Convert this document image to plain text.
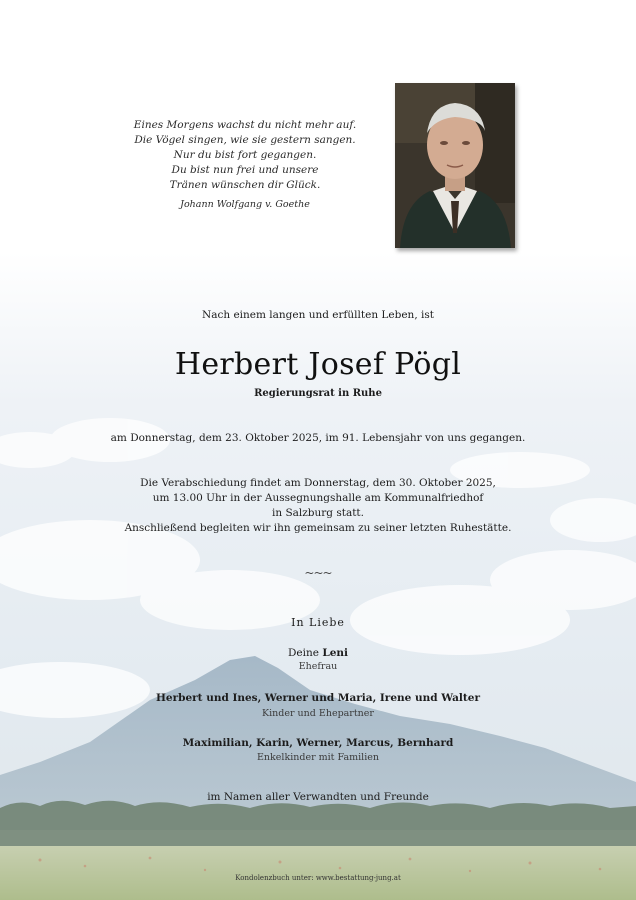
Eines Morgens wachst du nicht mehr auf.
Die Vögel singen, wie sie gestern sangen.
Nur du bist fort gegangen.
Du bist nun frei und unsere
Tränen wünschen dir Glück.
Johann Wolfgang v. Goethe
Nach einem langen und erfüllten Leben, ist
Herbert Josef Pögl
Regierungsrat in Ruhe
am Donnerstag, dem 23. Oktober 2025, im 91. Lebensjahr von uns gegangen.
Die Verabschiedung findet am Donnerstag, dem 30. Oktober 2025,
um 13.00 Uhr in der Aussegnungshalle am Kommunalfriedhof
in Salzburg statt.
Anschließend begleiten wir ihn gemeinsam zu seiner letzten Ruhestätte.
~~~
In Liebe
Deine Leni
Ehefrau
Herbert und Ines, Werner und Maria, Irene und Walter
Kinder und Ehepartner
Maximilian, Karin, Werner, Marcus, Bernhard
Enkelkinder mit Familien
im Namen aller Verwandten und Freunde
Kondolenzbuch unter: www.bestattung-jung.at
